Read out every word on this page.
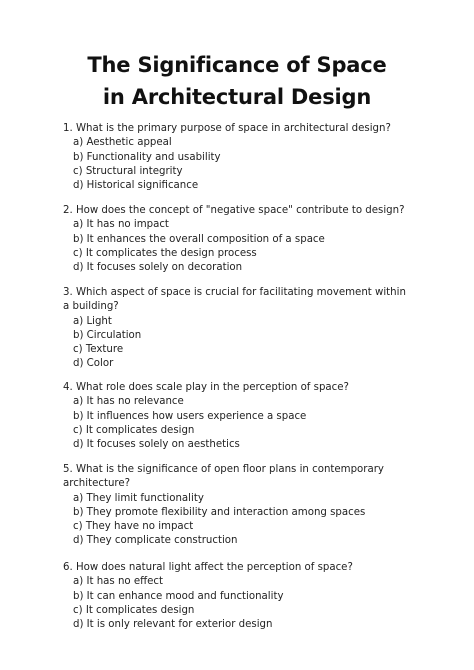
The Significance of Space
in Architectural Design
1. What is the primary purpose of space in architectural design?
a) Aesthetic appeal
b) Functionality and usability
c) Structural integrity
d) Historical significance
2. How does the concept of "negative space" contribute to design?
a) It has no impact
b) It enhances the overall composition of a space
c) It complicates the design process
d) It focuses solely on decoration
3. Which aspect of space is crucial for facilitating movement within a building?
a) Light
b) Circulation
c) Texture
d) Color
4. What role does scale play in the perception of space?
a) It has no relevance
b) It influences how users experience a space
c) It complicates design
d) It focuses solely on aesthetics
5. What is the significance of open floor plans in contemporary architecture?
a) They limit functionality
b) They promote flexibility and interaction among spaces
c) They have no impact
d) They complicate construction
6. How does natural light affect the perception of space?
a) It has no effect
b) It can enhance mood and functionality
c) It complicates design
d) It is only relevant for exterior design
